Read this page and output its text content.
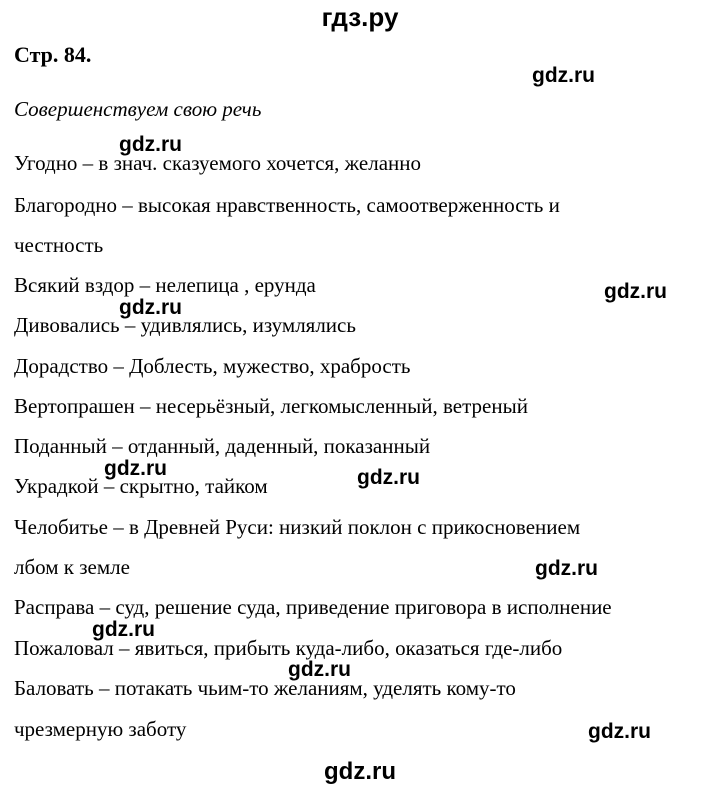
гдз.ру
Стр. 84.
Совершенствуем свою речь
Угодно – в знач. сказуемого хочется, желанно
Благородно – высокая нравственность, самоотверженность и
честность
Всякий вздор – нелепица , ерунда
Дивовались – удивлялись, изумлялись
Дорадство – Доблесть, мужество, храбрость
Вертопрашен – несерьёзный, легкомысленный, ветреный
Поданный – отданный, даденный, показанный
Украдкой – скрытно, тайком
Челобитье – в Древней Руси: низкий поклон с прикосновением
лбом к земле
Расправа – суд, решение суда, приведение приговора в исполнение
Пожаловал – явиться, прибыть куда-либо, оказаться где-либо
Баловать – потакать чьим-то желаниям, уделять кому-то
чрезмерную заботу
gdz.ru
gdz.ru
gdz.ru
gdz.ru
gdz.ru	gdz.ru
gdz.ru
gdz.ru
gdz.ru
gdz.ru
gdz.ru
